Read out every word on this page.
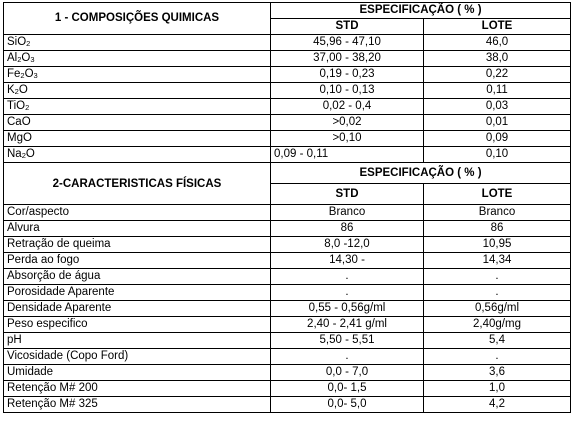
1 - COMPOSIÇÕES QUIMICAS	ESPECIFICAÇÃO ( % )	
	STD	LOTE
SiO$_2$	45,96 - 47,10	46,0
$Al_2O_3$	37,00 - 38,20	38,0
$Fe_2O_3$	0,19 - 0,23	0,22
$K_2O$	0,10 - 0,13	0,11
TiO$_2$	0,02 - 0,4	0,03
CaO	>0,02	0,01
MgO	>0,10	0,09
$Na_2O$	0,09 - 0,11	0,10
2-CARACTERISTICAS FÍSICAS	ESPECIFICAÇÃO ( % )	
	STD	LOTE
Cor/aspecto	Branco	Branco
Alvura	86	86
Retração de queima	8,0 -12,0	10,95
Perda ao fogo	14,30 -	14,34
Absorção de água	.	.
Porosidade Aparente	.	.
Densidade Aparente	0,55 - 0,56g/ml	0,56g/ml
Peso especifico	2,40 - 2,41 g/ml	2,40g/mg
pH	5,50 - 5,51	5,4
Vicosidade (Copo Ford)	.	.
Umidade	0,0 - 7,0	3,6
Retenção M# 200	0,0- 1,5	1,0
Retenção M# 325	0,0- 5,0	4,2
